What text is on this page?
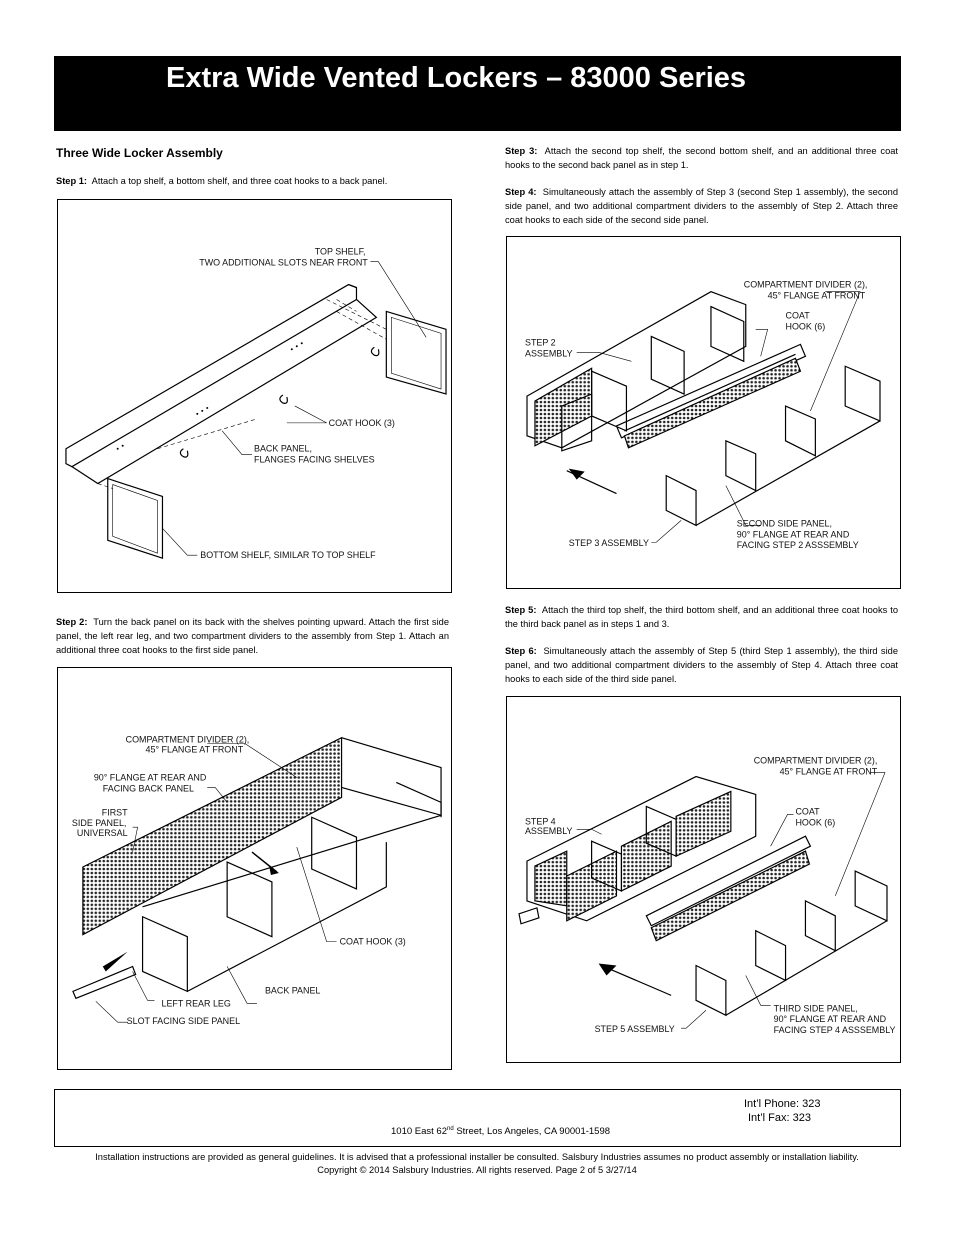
Extra Wide Vented Lockers – 83000 Series
Three Wide Locker Assembly
Step 1: Attach a top shelf, a bottom shelf, and three coat hooks to a back panel.
TOP SHELF,
TWO ADDITIONAL SLOTS NEAR FRONT
COAT HOOK (3)
BACK PANEL,
FLANGES FACING SHELVES
BOTTOM SHELF, SIMILAR TO TOP SHELF
Step 2: Turn the back panel on its back with the shelves pointing upward. Attach the first side panel, the left rear leg, and two compartment dividers to the assembly from Step 1. Attach an additional three coat hooks to the first side panel.
COMPARTMENT DIVIDER (2),
45° FLANGE AT FRONT
90° FLANGE AT REAR AND
FACING BACK PANEL
FIRST
SIDE PANEL,
UNIVERSAL
COAT HOOK (3)
LEFT REAR LEG
BACK PANEL
SLOT FACING SIDE PANEL
Step 3: Attach the second top shelf, the second bottom shelf, and an additional three coat hooks to the second back panel as in step 1.
Step 4: Simultaneously attach the assembly of Step 3 (second Step 1 assembly), the second side panel, and two additional compartment dividers to the assembly of Step 2. Attach three coat hooks to each side of the second side panel.
COMPARTMENT DIVIDER (2),
45° FLANGE AT FRONT
COAT
HOOK (6)
STEP 2
ASSEMBLY
SECOND SIDE PANEL,
90° FLANGE AT REAR AND
FACING STEP 2 ASSSEMBLY
STEP 3 ASSEMBLY
Step 5: Attach the third top shelf, the third bottom shelf, and an additional three coat hooks to the third back panel as in steps 1 and 3.
Step 6: Simultaneously attach the assembly of Step 5 (third Step 1 assembly), the third side panel, and two additional compartment dividers to the assembly of Step 4. Attach three coat hooks to each side of the third side panel.
COMPARTMENT DIVIDER (2),
45° FLANGE AT FRONT
COAT
HOOK (6)
STEP 4
ASSEMBLY
THIRD SIDE PANEL,
90° FLANGE AT REAR AND
FACING STEP 4 ASSSEMBLY
STEP 5 ASSEMBLY
Int’l Phone: 323
Int’l Fax: 323
1010 East 62nd Street, Los Angeles, CA 90001-1598
Installation instructions are provided as general guidelines. It is advised that a professional installer be consulted. Salsbury Industries assumes no product assembly or installation liability.
Copyright © 2014 Salsbury Industries. All rights reserved. Page 2 of 5 3/27/14
